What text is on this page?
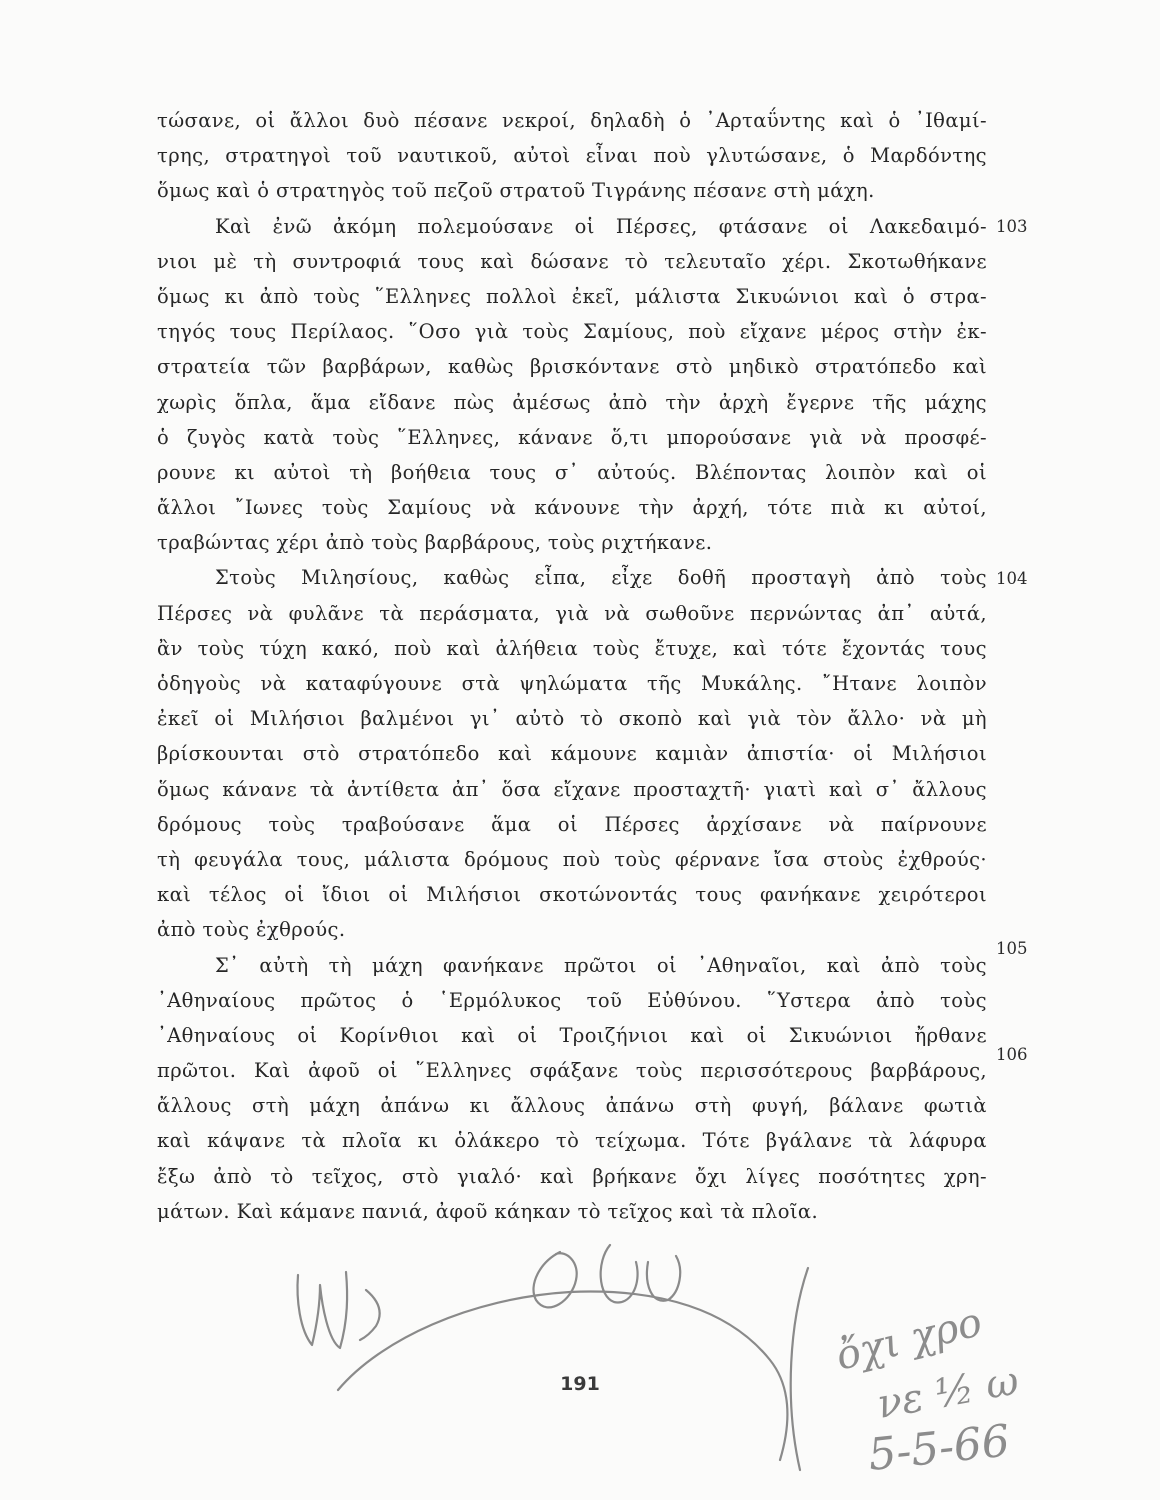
τώσανε, οἱ ἄλλοι δυὸ πέσανε νεκροί, δηλαδὴ ὁ ᾿Αρταΰντης καὶ ὁ ᾿Ιθαμί-
τρης, στρατηγοὶ τοῦ ναυτικοῦ, αὐτοὶ εἶναι ποὺ γλυτώσανε, ὁ Μαρδόντης
ὅμως καὶ ὁ στρατηγὸς τοῦ πεζοῦ στρατοῦ Τιγράνης πέσανε στὴ μάχη.
Καὶ ἐνῶ ἀκόμη πολεμούσανε οἱ Πέρσες, φτάσανε οἱ Λακεδαιμό-
νιοι μὲ τὴ συντροφιά τους καὶ δώσανε τὸ τελευταῖο χέρι. Σκοτωθήκανε
ὅμως κι ἀπὸ τοὺς ῞Ελληνες πολλοὶ ἐκεῖ, μάλιστα Σικυώνιοι καὶ ὁ στρα-
τηγός τους Περίλαος. ῞Οσο γιὰ τοὺς Σαμίους, ποὺ εἴχανε μέρος στὴν ἐκ-
στρατεία τῶν βαρβάρων, καθὼς βρισκόντανε στὸ μηδικὸ στρατόπεδο καὶ
χωρὶς ὅπλα, ἅμα εἴδανε πὼς ἀμέσως ἀπὸ τὴν ἀρχὴ ἔγερνε τῆς μάχης
ὁ ζυγὸς κατὰ τοὺς ῞Ελληνες, κάνανε ὅ,τι μπορούσανε γιὰ νὰ προσφέ-
ρουνε κι αὐτοὶ τὴ βοήθεια τους σ᾿ αὐτούς. Βλέποντας λοιπὸν καὶ οἱ
ἄλλοι ῎Ιωνες τοὺς Σαμίους νὰ κάνουνε τὴν ἀρχή, τότε πιὰ κι αὐτοί,
τραβώντας χέρι ἀπὸ τοὺς βαρβάρους, τοὺς ριχτήκανε.
Στοὺς Μιλησίους, καθὼς εἶπα, εἶχε δοθῆ προσταγὴ ἀπὸ τοὺς
Πέρσες νὰ φυλᾶνε τὰ περάσματα, γιὰ νὰ σωθοῦνε περνώντας ἀπ᾿ αὐτά,
ἂν τοὺς τύχη κακό, ποὺ καὶ ἀλήθεια τοὺς ἔτυχε, καὶ τότε ἔχοντάς τους
ὁδηγοὺς νὰ καταφύγουνε στὰ ψηλώματα τῆς Μυκάλης. ῎Ητανε λοιπὸν
ἐκεῖ οἱ Μιλήσιοι βαλμένοι γι᾿ αὐτὸ τὸ σκοπὸ καὶ γιὰ τὸν ἄλλο· νὰ μὴ
βρίσκουνται στὸ στρατόπεδο καὶ κάμουνε καμιὰν ἀπιστία· οἱ Μιλήσιοι
ὅμως κάνανε τὰ ἀντίθετα ἀπ᾿ ὅσα εἴχανε προσταχτῆ· γιατὶ καὶ σ᾿ ἄλλους
δρόμους τοὺς τραβούσανε ἅμα οἱ Πέρσες ἀρχίσανε νὰ παίρνουνε
τὴ φευγάλα τους, μάλιστα δρόμους ποὺ τοὺς φέρνανε ἴσα στοὺς ἐχθρούς·
καὶ τέλος οἱ ἴδιοι οἱ Μιλήσιοι σκοτώνοντάς τους φανήκανε χειρότεροι
ἀπὸ τοὺς ἐχθρούς.
Σ᾿ αὐτὴ τὴ μάχη φανήκανε πρῶτοι οἱ ᾿Αθηναῖοι, καὶ ἀπὸ τοὺς
᾿Αθηναίους πρῶτος ὁ ῾Ερμόλυκος τοῦ Εὐθύνου. ῞Υστερα ἀπὸ τοὺς
᾿Αθηναίους οἱ Κορίνθιοι καὶ οἱ Τροιζήνιοι καὶ οἱ Σικυώνιοι ἤρθανε
πρῶτοι. Καὶ ἀφοῦ οἱ ῞Ελληνες σφάξανε τοὺς περισσότερους βαρβάρους,
ἄλλους στὴ μάχη ἀπάνω κι ἄλλους ἀπάνω στὴ φυγή, βάλανε φωτιὰ
καὶ κάψανε τὰ πλοῖα κι ὁλάκερο τὸ τείχωμα. Τότε βγάλανε τὰ λάφυρα
ἔξω ἀπὸ τὸ τεῖχος, στὸ γιαλό· καὶ βρήκανε ὄχι λίγες ποσότητες χρη-
μάτων. Καὶ κάμανε πανιά, ἀφοῦ κάηκαν τὸ τεῖχος καὶ τὰ πλοῖα.
103
104
105
106
191
ὄχι χρο
νε ½ ω
5-5-66
